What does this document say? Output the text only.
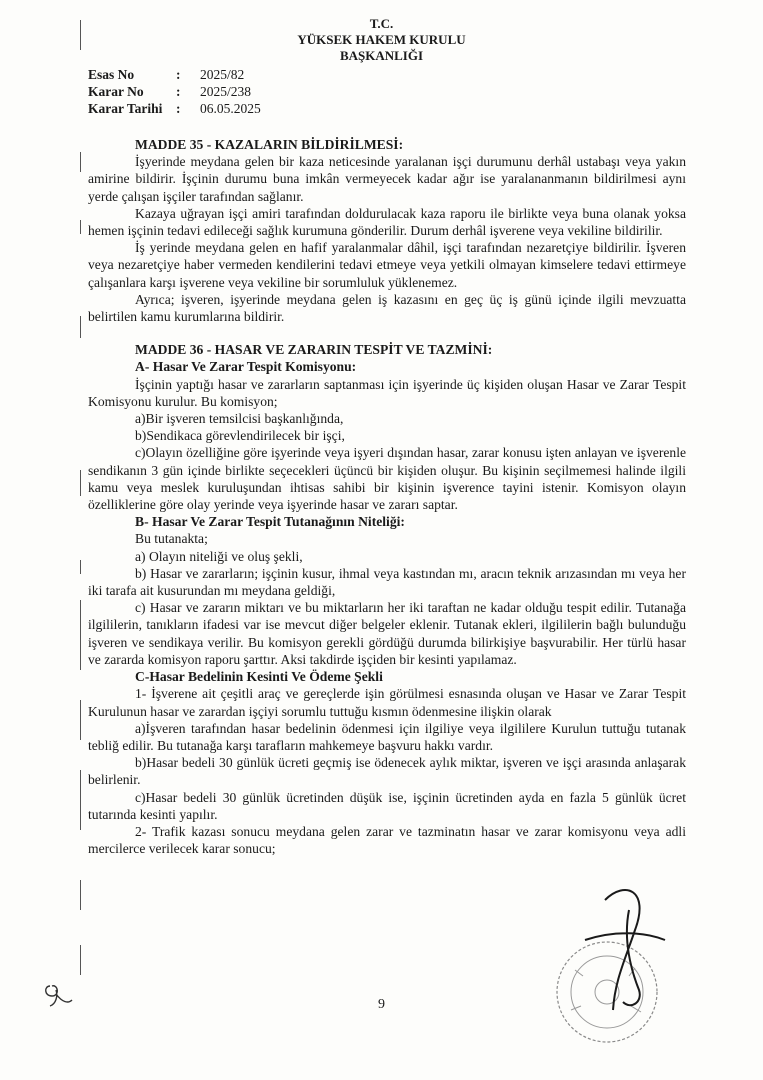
T.C.
YÜKSEK HAKEM KURULU
BAŞKANLIĞI
Esas No	:	2025/82
Karar No	:	2025/238
Karar Tarihi	:	06.05.2025
MADDE 35 - KAZALARIN BİLDİRİLMESİ:

İşyerinde meydana gelen bir kaza neticesinde yaralanan işçi durumunu derhâl ustabaşı veya yakın amirine bildirir. İşçinin durumu buna imkân vermeyecek kadar ağır ise yaralananmanın bildirilmesi aynı yerde çalışan işçiler tarafından sağlanır.

Kazaya uğrayan işçi amiri tarafından doldurulacak kaza raporu ile birlikte veya buna olanak yoksa hemen işçinin tedavi edileceği sağlık kurumuna gönderilir. Durum derhâl işverene veya vekiline bildirilir.

İş yerinde meydana gelen en hafif yaralanmalar dâhil, işçi tarafından nezaretçiye bildirilir. İşveren veya nezaretçiye haber vermeden kendilerini tedavi etmeye veya yetkili olmayan kimselere tedavi ettirmeye çalışanlara karşı işverene veya vekiline bir sorumluluk yüklenemez.

Ayrıca; işveren, işyerinde meydana gelen iş kazasını en geç üç iş günü içinde ilgili mevzuatta belirtilen kamu kurumlarına bildirir.

MADDE 36 - HASAR VE ZARARIN TESPİT VE TAZMİNİ:
A- Hasar Ve Zarar Tespit Komisyonu:

İşçinin yaptığı hasar ve zararların saptanması için işyerinde üç kişiden oluşan Hasar ve Zarar Tespit Komisyonu kurulur. Bu komisyon;

a)Bir işveren temsilcisi başkanlığında,

b)Sendikaca görevlendirilecek bir işçi,

c)Olayın özelliğine göre işyerinde veya işyeri dışından hasar, zarar konusu işten anlayan ve işverenle sendikanın 3 gün içinde birlikte seçecekleri üçüncü bir kişiden oluşur. Bu kişinin seçilmemesi halinde ilgili kamu veya meslek kuruluşundan ihtisas sahibi bir kişinin işverence tayini istenir. Komisyon olayın özelliklerine göre olay yerinde veya işyerinde hasar ve zararı saptar.

B- Hasar Ve Zarar Tespit Tutanağının Niteliği:

Bu tutanakta;

a) Olayın niteliği ve oluş şekli,

b) Hasar ve zararların; işçinin kusur, ihmal veya kastından mı, aracın teknik arızasından mı veya her iki tarafa ait kusurundan mı meydana geldiği,

c) Hasar ve zararın miktarı ve bu miktarların her iki taraftan ne kadar olduğu tespit edilir. Tutanağa ilgililerin, tanıkların ifadesi var ise mevcut diğer belgeler eklenir. Tutanak ekleri, ilgililerin bağlı bulunduğu işveren ve sendikaya verilir. Bu komisyon gerekli gördüğü durumda bilirkişiye başvurabilir. Her türlü hasar ve zararda komisyon raporu şarttır. Aksi takdirde işçiden bir kesinti yapılamaz.

C-Hasar Bedelinin Kesinti Ve Ödeme Şekli

1- İşverene ait çeşitli araç ve gereçlerde işin görülmesi esnasında oluşan ve Hasar ve Zarar Tespit Kurulunun hasar ve zarardan işçiyi sorumlu tuttuğu kısmın ödenmesine ilişkin olarak

a)İşveren tarafından hasar bedelinin ödenmesi için ilgiliye veya ilgililere Kurulun tuttuğu tutanak tebliğ edilir. Bu tutanağa karşı tarafların mahkemeye başvuru hakkı vardır.

b)Hasar bedeli 30 günlük ücreti geçmiş ise ödenecek aylık miktar, işveren ve işçi arasında anlaşarak belirlenir.

c)Hasar bedeli 30 günlük ücretinden düşük ise, işçinin ücretinden ayda en fazla 5 günlük ücret tutarında kesinti yapılır.

2- Trafik kazası sonucu meydana gelen zarar ve tazminatın hasar ve zarar komisyonu veya adli mercilerce verilecek karar sonucu;

9
